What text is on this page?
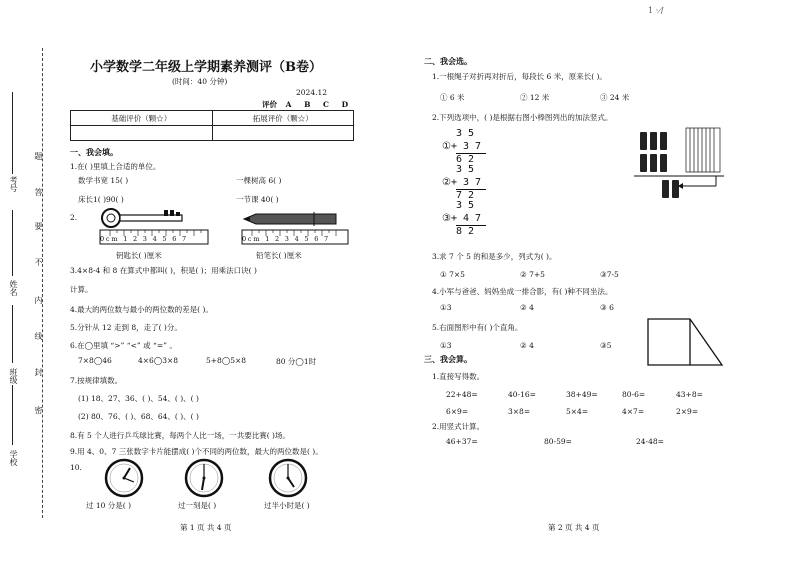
1 · /̸
考号
姓名
班级
学校
题
答
要
不
内
线
封
密
小学数学二年级上学期素养测评（B卷）
(时间：40 分钟)
2024.12
评价 A B C D
基础评价（颗☆）	拓展评价（颗☆）

一、我会填。
1.在( )里填上合适的单位。
数学书宽 15( )	一棵树高 6( )
床长1( )90( )	一节课 40( )
2.
0cm 1 2 3 4 5 6 7	0cm 1 2 3 4 5 6 7
钥匙长( )厘米	铅笔长( )厘米
3.4×8-4 和 8 在算式中都叫( )，积是( )；用乘法口诀( )
计算。
4.最大的两位数与最小的两位数的差是( )。
5.分针从 12 走到 8，走了( )分。
6.在◯里填 “>” “<” 或 “=” 。
7×8◯46	4×6◯3×8	5+8◯5×8	80 分◯1时
7.按规律填数。
(1) 18、27、36、( )、54、( )、( )
(2) 80、76、( )、68、64、( )、( )
8.有 5 个人进行乒乓球比赛，每两个人比一场，一共要比赛( )场。
9.用 4、0、7 三张数字卡片能摆成( )个不同的两位数，最大的两位数是( )。
10.
过 10 分是( )	过一刻是( )	过半小时是( )
第 1 页 共 4 页
二、我会选。
1.一根绳子对折再对折后，每段长 6 米，原来长( )。
① 6 米	② 12 米	③ 24 米
2.下列选项中，( )是根据右图小棒图列出的加法竖式。
3 5
①+ 3 7
6 2
3 5
②+ 3 7
7 2
3 5
③+ 4 7
8 2
3.求 7 个 5 的和是多少，列式为( )。
① 7×5	② 7+5	③7-5
4.小军与爸爸、妈妈坐成一排合影，有( )种不同坐法。
①3	② 4	③ 6
5.右面图形中有( )个直角。
①3	② 4	③5
三、我会算。
1.直接写得数。
22+48=	40-16=	38+49=	80-6=	43+8=
6×9=	3×8=	5×4=	4×7=	2×9=
2.用竖式计算。
46+37=	80-59=	24-48=
第 2 页 共 4 页
